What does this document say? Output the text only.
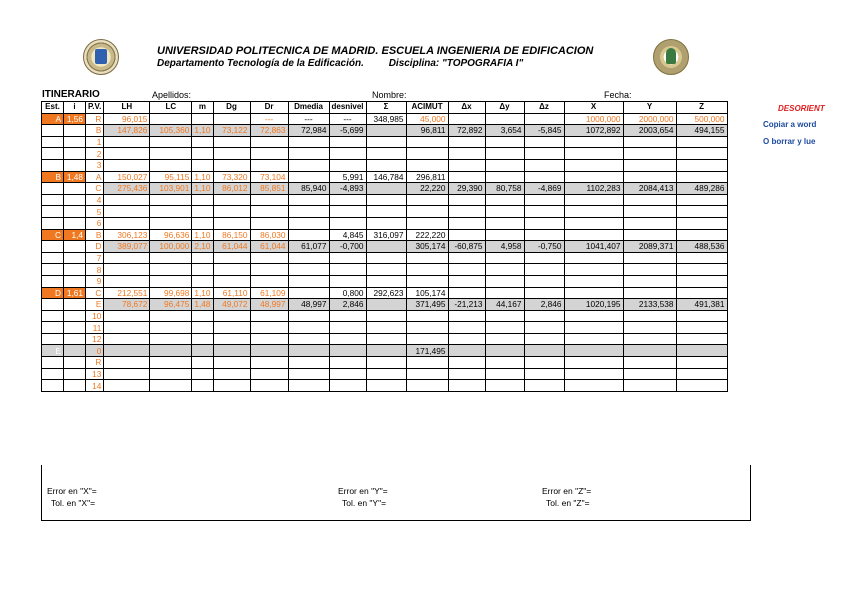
UNIVERSIDAD POLITECNICA DE MADRID. ESCUELA INGENIERIA DE EDIFICACION
Departamento Tecnología de la Edificación. Disciplina: "TOPOGRAFIA I"
ITINERARIO	Apellidos:	Nombre:	Fecha:
Est.	i	P.V.	LH	LC	m	Dg	Dr	Dmedia	desnivel	Σ	ACIMUT	Δx	Δy	Δz	X	Y	Z
A	1,56	R	96,015				---	---	---	348,985	45,000				1000,000	2000,000	500,000
		B	147,826	105,360	1,10	73,122	72,863	72,984	-5,699		96,811	72,892	3,654	-5,845	1072,892	2003,654	494,155
		1															
		2															
		3															
B	1,48	A	150,027	95,115	1,10	73,320	73,104		5,991	146,784	296,811						
		C	275,436	103,901	1,10	86,012	85,851	85,940	-4,893		22,220	29,390	80,758	-4,869	1102,283	2084,413	489,286
		4															
		5															
		6															
C	1,4	B	306,123	96,636	1,10	86,150	86,030		4,845	316,097	222,220						
		D	389,077	100,000	2,10	61,044	61,044	61,077	-0,700		305,174	-60,875	4,958	-0,750	1041,407	2089,371	488,536
		7															
		8															
		9															
D	1,61	C	212,551	99,698	1,10	61,110	61,109		0,800	292,623	105,174						
		E	78,672	96,475	1,48	49,072	48,997	48,997	2,846		371,495	-21,213	44,167	2,846	1020,195	2133,538	491,381
		10															
		11															
		12															
E		0									171,495						
		R															
		13															
		14															
DESORIENT
Copiar a word
O borrar y lue
Error en "X"=
Tol. en "X"=
Error en "Y"=
Tol. en "Y"=
Error en "Z"=
Tol. en "Z"=
